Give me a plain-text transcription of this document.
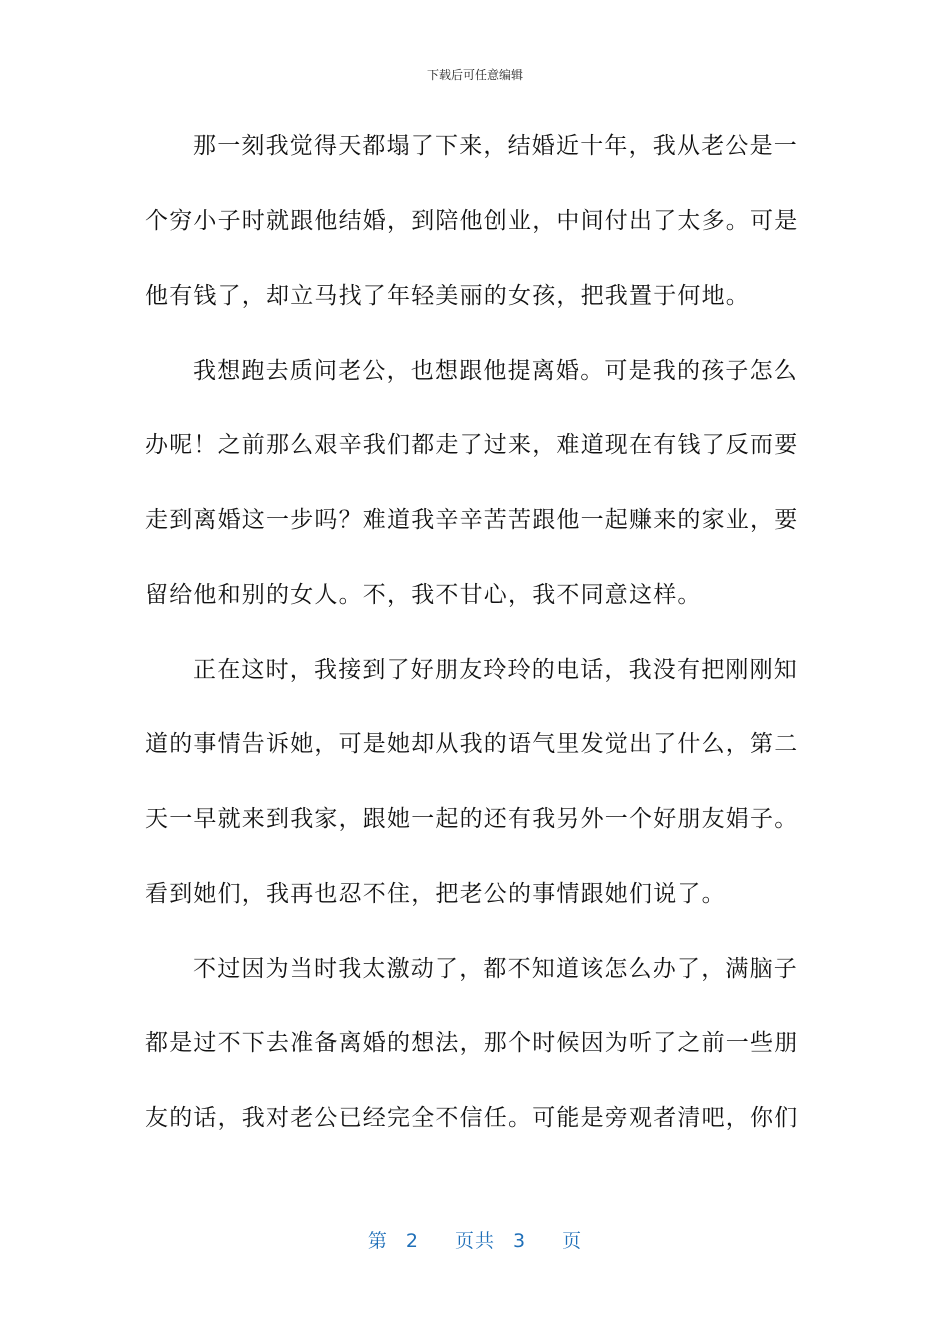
下载后可任意编辑
那一刻我觉得天都塌了下来，结婚近十年，我从老公是一
个穷小子时就跟他结婚，到陪他创业，中间付出了太多。可是
他有钱了，却立马找了年轻美丽的女孩，把我置于何地。
我想跑去质问老公，也想跟他提离婚。可是我的孩子怎么
办呢！之前那么艰辛我们都走了过来，难道现在有钱了反而要
走到离婚这一步吗？难道我辛辛苦苦跟他一起赚来的家业，要
留给他和别的女人。不，我不甘心，我不同意这样。
正在这时，我接到了好朋友玲玲的电话，我没有把刚刚知
道的事情告诉她，可是她却从我的语气里发觉出了什么，第二
天一早就来到我家，跟她一起的还有我另外一个好朋友娟子。
看到她们，我再也忍不住，把老公的事情跟她们说了。
不过因为当时我太激动了，都不知道该怎么办了，满脑子
都是过不下去准备离婚的想法，那个时候因为听了之前一些朋
友的话，我对老公已经完全不信任。可能是旁观者清吧，你们
第 2 页共 3 页
